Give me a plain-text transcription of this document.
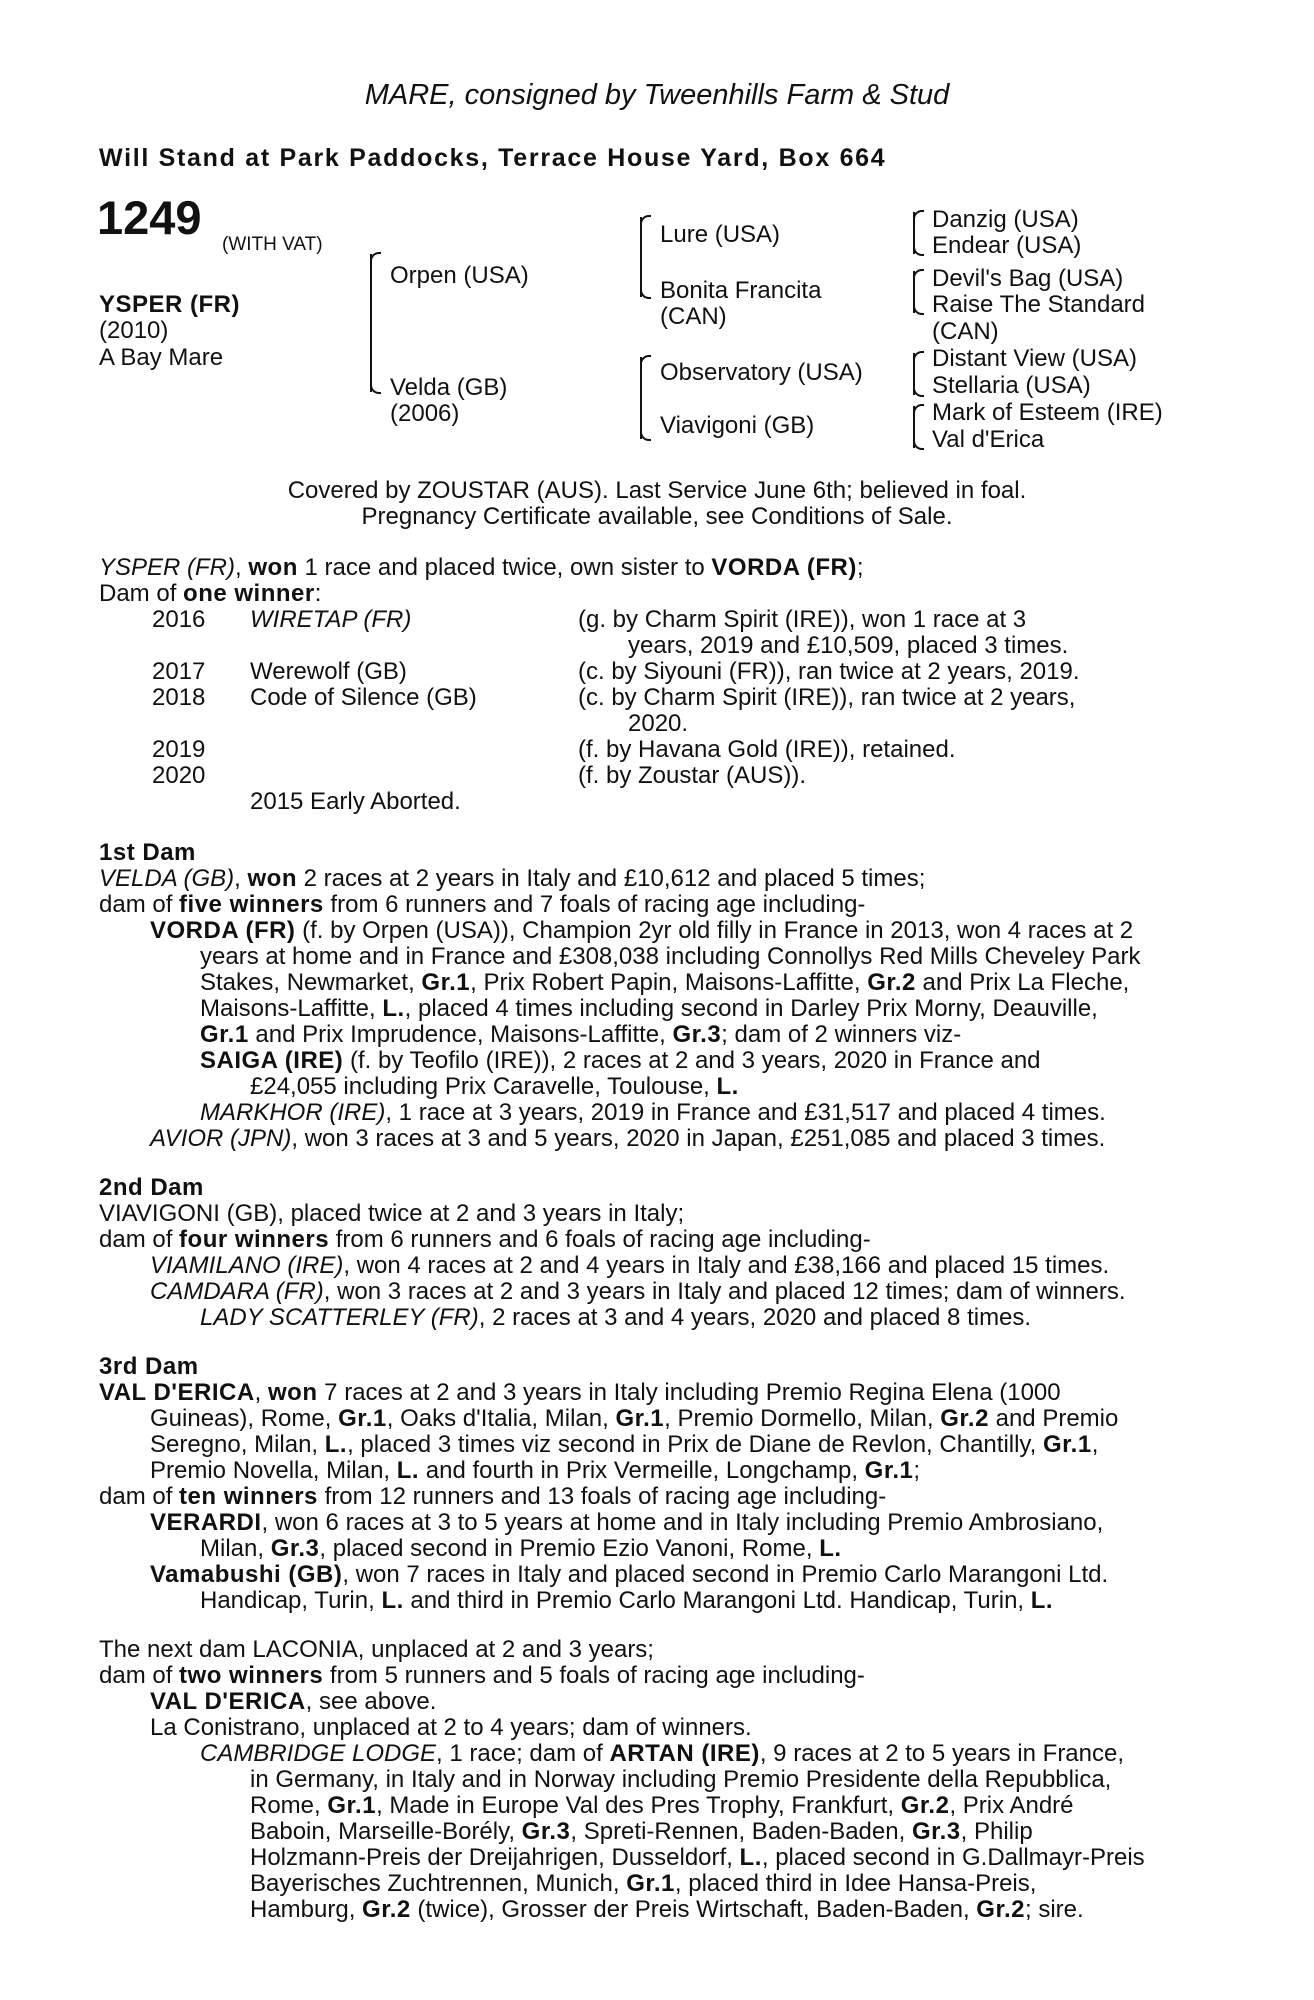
MARE, consigned by Tweenhills Farm & Stud
Will Stand at Park Paddocks, Terrace House Yard, Box 664
1249
(WITH VAT)
YSPER (FR)
(2010)
A Bay Mare
Orpen (USA)
Velda (GB)
(2006)
Lure (USA)
Bonita Francita
(CAN)
Observatory (USA)
Viavigoni (GB)
Danzig (USA)
Endear (USA)
Devil's Bag (USA)
Raise The Standard
(CAN)
Distant View (USA)
Stellaria (USA)
Mark of Esteem (IRE)
Val d'Erica
Covered by ZOUSTAR (AUS). Last Service June 6th; believed in foal.
Pregnancy Certificate available, see Conditions of Sale.
YSPER (FR), won 1 race and placed twice, own sister to VORDA (FR);
Dam of one winner:
2016 WIRETAP (FR)	(g. by Charm Spirit (IRE)), won 1 race at 3
years, 2019 and £10,509, placed 3 times.
2017 Werewolf (GB)	(c. by Siyouni (FR)), ran twice at 2 years, 2019.
2018 Code of Silence (GB)	(c. by Charm Spirit (IRE)), ran twice at 2 years,
2020.
2019	(f. by Havana Gold (IRE)), retained.
2020	(f. by Zoustar (AUS)).
2015 Early Aborted.
1st Dam
VELDA (GB), won 2 races at 2 years in Italy and £10,612 and placed 5 times;
dam of five winners from 6 runners and 7 foals of racing age including-
VORDA (FR) (f. by Orpen (USA)), Champion 2yr old filly in France in 2013, won 4 races at 2
years at home and in France and £308,038 including Connollys Red Mills Cheveley Park
Stakes, Newmarket, Gr.1, Prix Robert Papin, Maisons-Laffitte, Gr.2 and Prix La Fleche,
Maisons-Laffitte, L., placed 4 times including second in Darley Prix Morny, Deauville,
Gr.1 and Prix Imprudence, Maisons-Laffitte, Gr.3; dam of 2 winners viz-
SAIGA (IRE) (f. by Teofilo (IRE)), 2 races at 2 and 3 years, 2020 in France and
£24,055 including Prix Caravelle, Toulouse, L.
MARKHOR (IRE), 1 race at 3 years, 2019 in France and £31,517 and placed 4 times.
AVIOR (JPN), won 3 races at 3 and 5 years, 2020 in Japan, £251,085 and placed 3 times.
2nd Dam
VIAVIGONI (GB), placed twice at 2 and 3 years in Italy;
dam of four winners from 6 runners and 6 foals of racing age including-
VIAMILANO (IRE), won 4 races at 2 and 4 years in Italy and £38,166 and placed 15 times.
CAMDARA (FR), won 3 races at 2 and 3 years in Italy and placed 12 times; dam of winners.
LADY SCATTERLEY (FR), 2 races at 3 and 4 years, 2020 and placed 8 times.
3rd Dam
VAL D'ERICA, won 7 races at 2 and 3 years in Italy including Premio Regina Elena (1000
Guineas), Rome, Gr.1, Oaks d'Italia, Milan, Gr.1, Premio Dormello, Milan, Gr.2 and Premio
Seregno, Milan, L., placed 3 times viz second in Prix de Diane de Revlon, Chantilly, Gr.1,
Premio Novella, Milan, L. and fourth in Prix Vermeille, Longchamp, Gr.1;
dam of ten winners from 12 runners and 13 foals of racing age including-
VERARDI, won 6 races at 3 to 5 years at home and in Italy including Premio Ambrosiano,
Milan, Gr.3, placed second in Premio Ezio Vanoni, Rome, L.
Vamabushi (GB), won 7 races in Italy and placed second in Premio Carlo Marangoni Ltd.
Handicap, Turin, L. and third in Premio Carlo Marangoni Ltd. Handicap, Turin, L.
The next dam LACONIA, unplaced at 2 and 3 years;
dam of two winners from 5 runners and 5 foals of racing age including-
VAL D'ERICA, see above.
La Conistrano, unplaced at 2 to 4 years; dam of winners.
CAMBRIDGE LODGE, 1 race; dam of ARTAN (IRE), 9 races at 2 to 5 years in France,
in Germany, in Italy and in Norway including Premio Presidente della Repubblica,
Rome, Gr.1, Made in Europe Val des Pres Trophy, Frankfurt, Gr.2, Prix André
Baboin, Marseille-Borély, Gr.3, Spreti-Rennen, Baden-Baden, Gr.3, Philip
Holzmann-Preis der Dreijahrigen, Dusseldorf, L., placed second in G.Dallmayr-Preis
Bayerisches Zuchtrennen, Munich, Gr.1, placed third in Idee Hansa-Preis,
Hamburg, Gr.2 (twice), Grosser der Preis Wirtschaft, Baden-Baden, Gr.2; sire.
